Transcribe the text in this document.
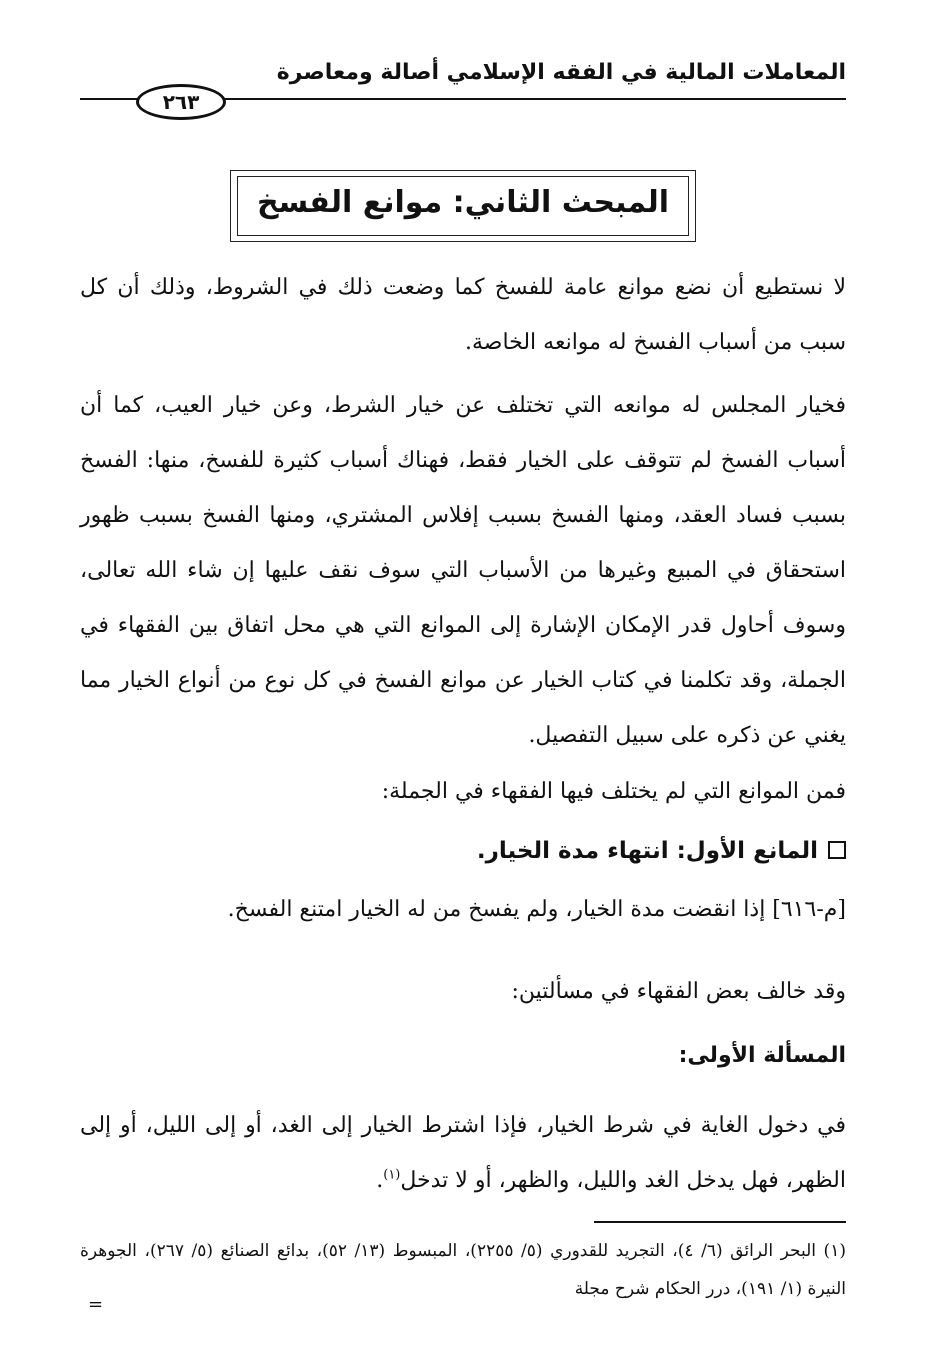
المعاملات المالية في الفقه الإسلامي أصالة ومعاصرة
٢٦٣
المبحث الثاني: موانع الفسخ
لا نستطيع أن نضع موانع عامة للفسخ كما وضعت ذلك في الشروط، وذلك أن كل سبب من أسباب الفسخ له موانعه الخاصة.
فخيار المجلس له موانعه التي تختلف عن خيار الشرط، وعن خيار العيب، كما أن أسباب الفسخ لم تتوقف على الخيار فقط، فهناك أسباب كثيرة للفسخ، منها: الفسخ بسبب فساد العقد، ومنها الفسخ بسبب إفلاس المشتري، ومنها الفسخ بسبب ظهور استحقاق في المبيع وغيرها من الأسباب التي سوف نقف عليها إن شاء الله تعالى، وسوف أحاول قدر الإمكان الإشارة إلى الموانع التي هي محل اتفاق بين الفقهاء في الجملة، وقد تكلمنا في كتاب الخيار عن موانع الفسخ في كل نوع من أنواع الخيار مما يغني عن ذكره على سبيل التفصيل.
فمن الموانع التي لم يختلف فيها الفقهاء في الجملة:
المانع الأول: انتهاء مدة الخيار.
[م-٦١٦] إذا انقضت مدة الخيار، ولم يفسخ من له الخيار امتنع الفسخ.
وقد خالف بعض الفقهاء في مسألتين:
المسألة الأولى:
في دخول الغاية في شرط الخيار، فإذا اشترط الخيار إلى الغد، أو إلى الليل، أو إلى الظهر، فهل يدخل الغد والليل، والظهر، أو لا تدخل$^{(١)}$.
(١) البحر الرائق (٦/ ٤)، التجريد للقدوري (٥/ ٢٢٥٥)، المبسوط (١٣/ ٥٢)، بدائع الصنائع (٥/ ٢٦٧)، الجوهرة النيرة (١/ ١٩١)، درر الحكام شرح مجلة
=
